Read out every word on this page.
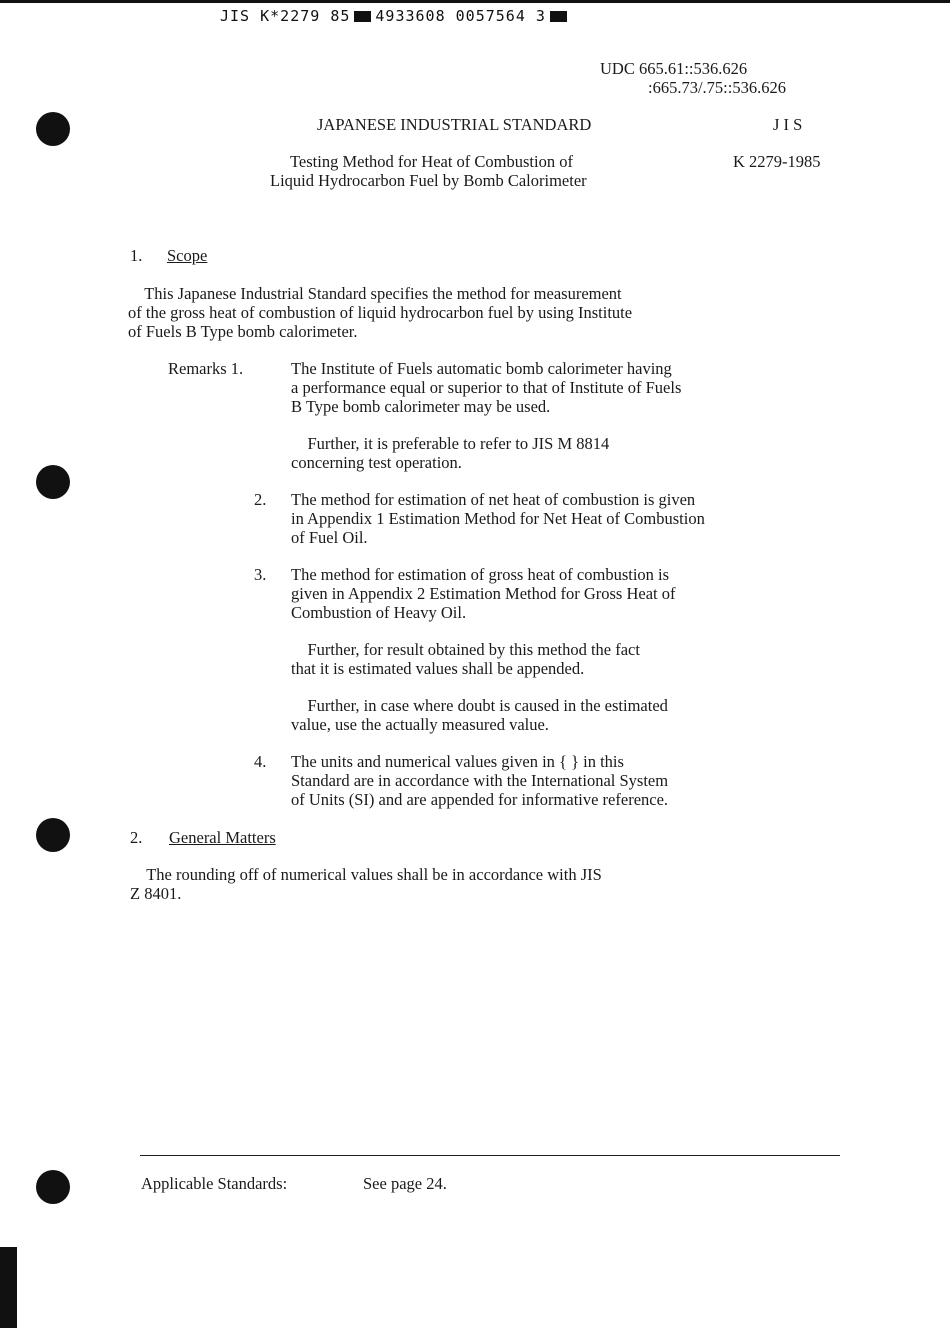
JIS K*2279 85 4933608 0057564 3
UDC 665.61::536.626
:665.73/.75::536.626
JAPANESE INDUSTRIAL STANDARD	J I S
Testing Method for Heat of Combustion of
Liquid Hydrocarbon Fuel by Bomb Calorimeter
K 2279-1985
1. Scope
This Japanese Industrial Standard specifies the method for measurement
of the gross heat of combustion of liquid hydrocarbon fuel by using Institute
of Fuels B Type bomb calorimeter.
Remarks 1.	The Institute of Fuels automatic bomb calorimeter having
a performance equal or superior to that of Institute of Fuels
B Type bomb calorimeter may be used.
Further, it is preferable to refer to JIS M 8814
concerning test operation.
2. The method for estimation of net heat of combustion is given
in Appendix 1 Estimation Method for Net Heat of Combustion
of Fuel Oil.
3. The method for estimation of gross heat of combustion is
given in Appendix 2 Estimation Method for Gross Heat of
Combustion of Heavy Oil.
Further, for result obtained by this method the fact
that it is estimated values shall be appended.
Further, in case where doubt is caused in the estimated
value, use the actually measured value.
4. The units and numerical values given in { } in this
Standard are in accordance with the International System
of Units (SI) and are appended for informative reference.
2. General Matters
The rounding off of numerical values shall be in accordance with JIS
Z 8401.
Applicable Standards:	See page 24.
